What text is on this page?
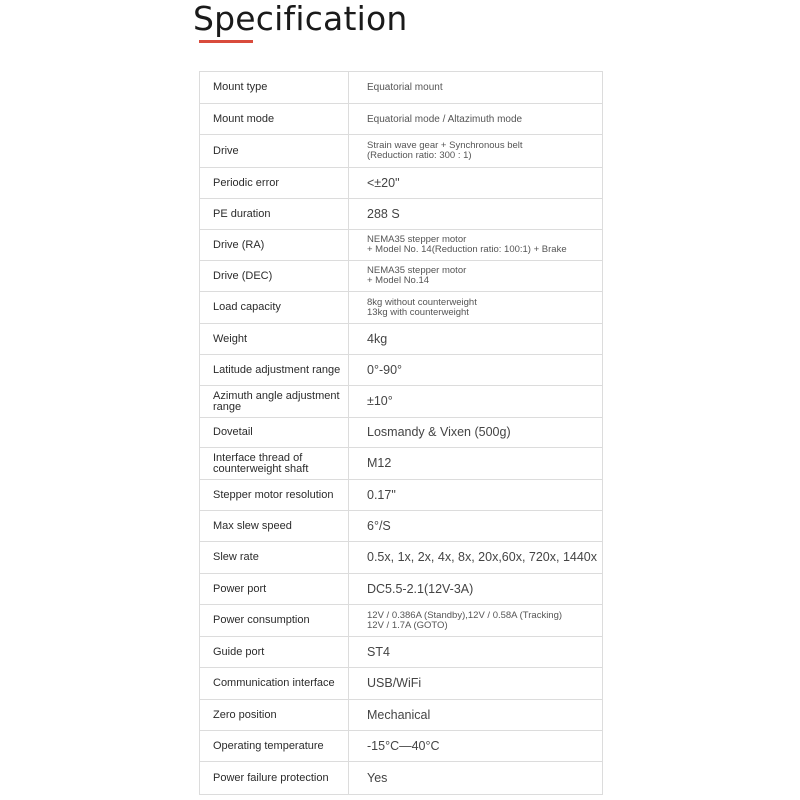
Specification
Mount type	Equatorial mount
Mount mode	Equatorial mode / Altazimuth mode
Drive	Strain wave gear + Synchronous belt
(Reduction ratio: 300 : 1)
Periodic error	<±20"
PE duration	288 S
Drive (RA)	NEMA35 stepper motor
+ Model No. 14(Reduction ratio: 100:1) + Brake
Drive (DEC)	NEMA35 stepper motor
+ Model No.14
Load capacity	8kg without counterweight
13kg with counterweight
Weight	4kg
Latitude adjustment range	0°-90°
Azimuth angle adjustment
range	±10°
Dovetail	Losmandy & Vixen (500g)
Interface thread of
counterweight shaft	M12
Stepper motor resolution	0.17"
Max slew speed	6°/S
Slew rate	0.5x, 1x, 2x, 4x, 8x, 20x,60x, 720x, 1440x
Power port	DC5.5-2.1(12V-3A)
Power consumption	12V / 0.386A (Standby),12V / 0.58A (Tracking)
12V / 1.7A (GOTO)
Guide port	ST4
Communication interface	USB/WiFi
Zero position	Mechanical
Operating temperature	-15°C—40°C
Power failure protection	Yes
